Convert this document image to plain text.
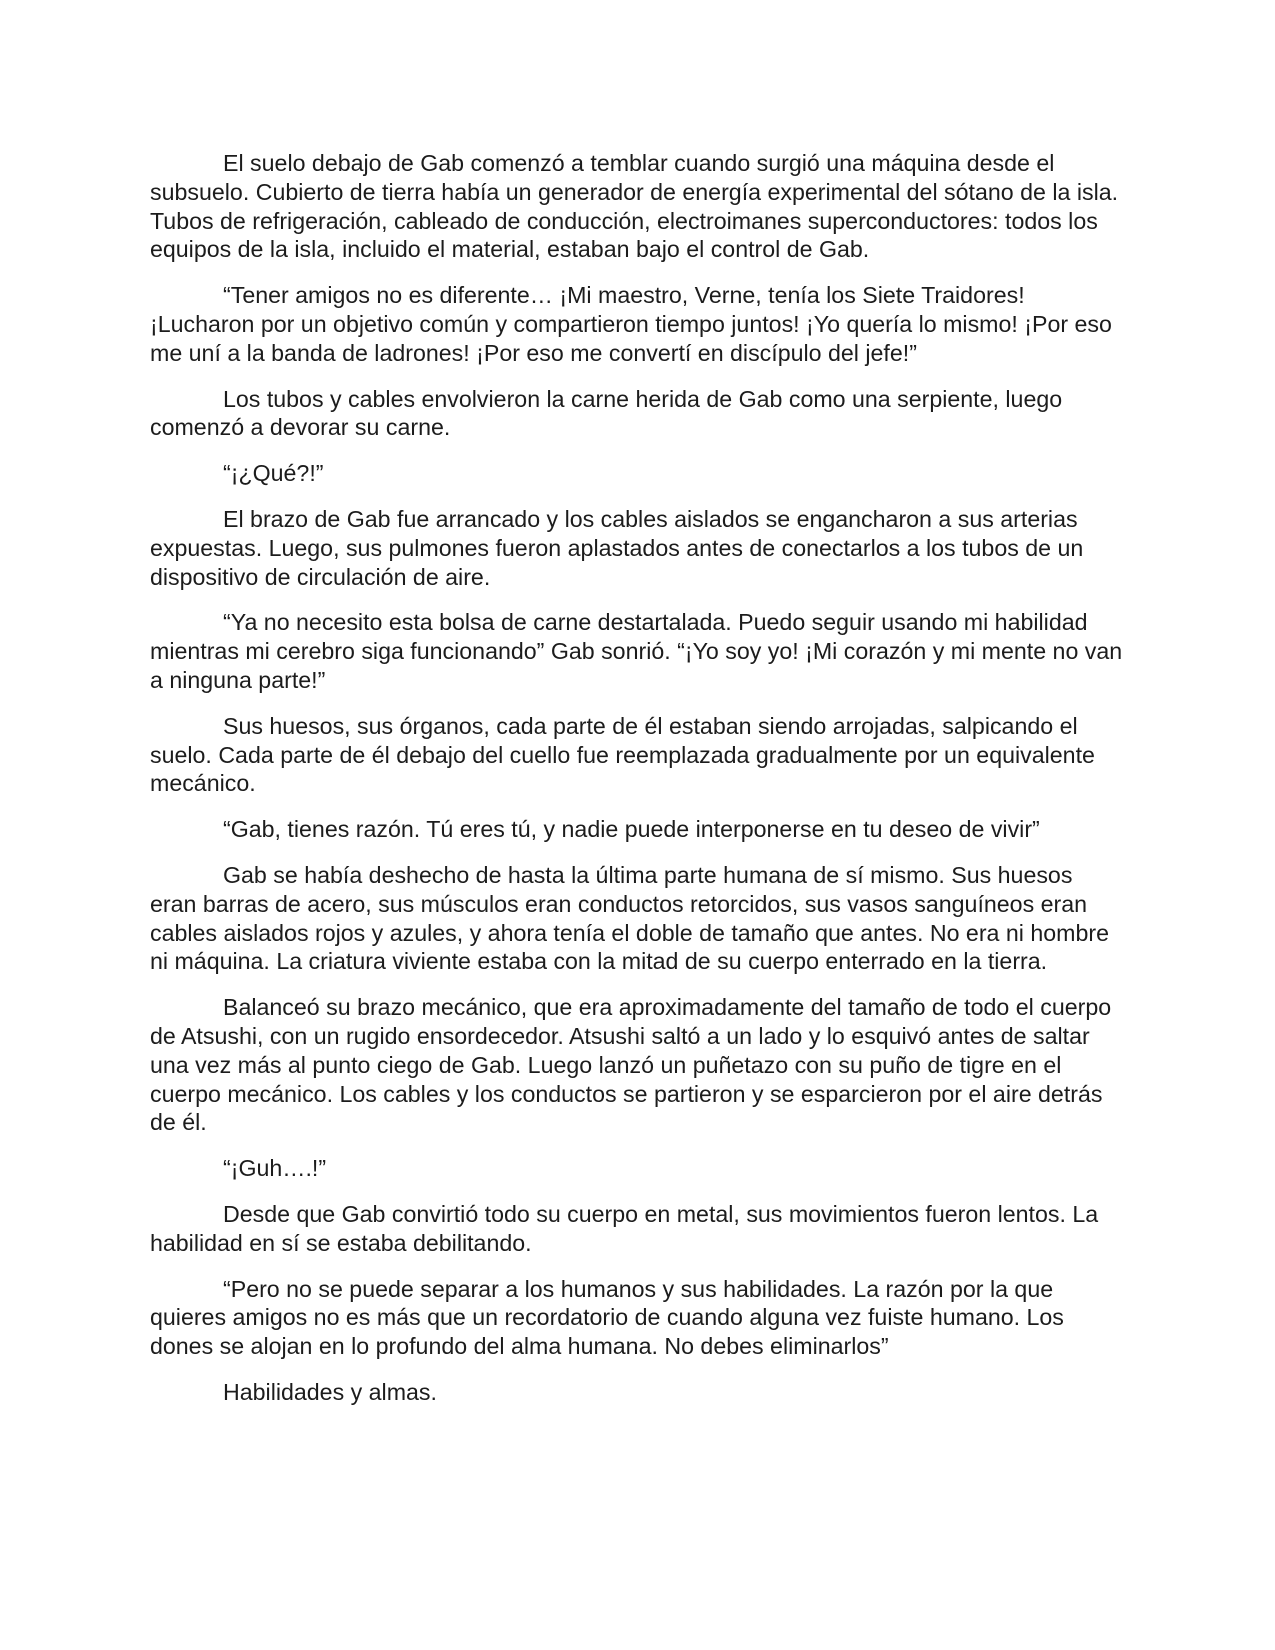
El suelo debajo de Gab comenzó a temblar cuando surgió una máquina desde el subsuelo. Cubierto de tierra había un generador de energía experimental del sótano de la isla. Tubos de refrigeración, cableado de conducción, electroimanes superconductores: todos los equipos de la isla, incluido el material, estaban bajo el control de Gab.

“Tener amigos no es diferente… ¡Mi maestro, Verne, tenía los Siete Traidores! ¡Lucharon por un objetivo común y compartieron tiempo juntos! ¡Yo quería lo mismo! ¡Por eso me uní a la banda de ladrones! ¡Por eso me convertí en discípulo del jefe!”

Los tubos y cables envolvieron la carne herida de Gab como una serpiente, luego comenzó a devorar su carne.

“¡¿Qué?!”

El brazo de Gab fue arrancado y los cables aislados se engancharon a sus arterias expuestas. Luego, sus pulmones fueron aplastados antes de conectarlos a los tubos de un dispositivo de circulación de aire.

“Ya no necesito esta bolsa de carne destartalada. Puedo seguir usando mi habilidad mientras mi cerebro siga funcionando” Gab sonrió. “¡Yo soy yo! ¡Mi corazón y mi mente no van a ninguna parte!”

Sus huesos, sus órganos, cada parte de él estaban siendo arrojadas, salpicando el suelo. Cada parte de él debajo del cuello fue reemplazada gradualmente por un equivalente mecánico.

“Gab, tienes razón. Tú eres tú, y nadie puede interponerse en tu deseo de vivir”

Gab se había deshecho de hasta la última parte humana de sí mismo. Sus huesos eran barras de acero, sus músculos eran conductos retorcidos, sus vasos sanguíneos eran cables aislados rojos y azules, y ahora tenía el doble de tamaño que antes. No era ni hombre ni máquina. La criatura viviente estaba con la mitad de su cuerpo enterrado en la tierra.

Balanceó su brazo mecánico, que era aproximadamente del tamaño de todo el cuerpo de Atsushi, con un rugido ensordecedor. Atsushi saltó a un lado y lo esquivó antes de saltar una vez más al punto ciego de Gab. Luego lanzó un puñetazo con su puño de tigre en el cuerpo mecánico. Los cables y los conductos se partieron y se esparcieron por el aire detrás de él.

“¡Guh….!”

Desde que Gab convirtió todo su cuerpo en metal, sus movimientos fueron lentos. La habilidad en sí se estaba debilitando.

“Pero no se puede separar a los humanos y sus habilidades. La razón por la que quieres amigos no es más que un recordatorio de cuando alguna vez fuiste humano. Los dones se alojan en lo profundo del alma humana. No debes eliminarlos”

Habilidades y almas.
